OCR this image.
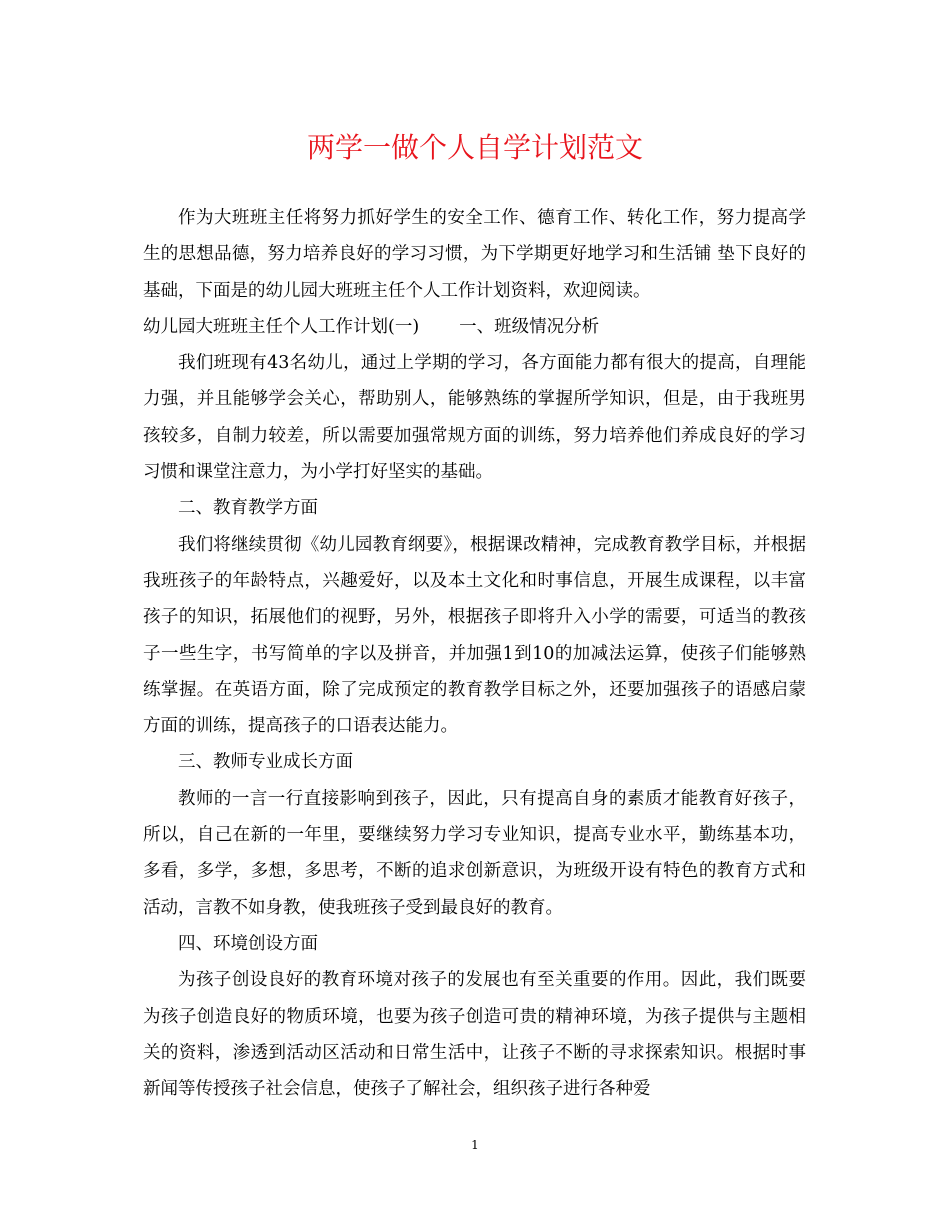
两学一做个人自学计划范文

作为大班班主任将努力抓好学生的安全工作、德育工作、转化工作，努力提高学生的思想品德，努力培养良好的学习习惯，为下学期更好地学习和生活铺 垫下良好的基础，下面是的幼儿园大班班主任个人工作计划资料，欢迎阅读。

幼儿园大班班主任个人工作计划(一) 一、班级情况分析

我们班现有43名幼儿，通过上学期的学习，各方面能力都有很大的提高，自理能力强，并且能够学会关心，帮助别人，能够熟练的掌握所学知识，但是，由于我班男孩较多，自制力较差，所以需要加强常规方面的训练，努力培养他们养成良好的学习习惯和课堂注意力，为小学打好坚实的基础。

二、教育教学方面

我们将继续贯彻《幼儿园教育纲要》，根据课改精神，完成教育教学目标，并根据我班孩子的年龄特点，兴趣爱好，以及本土文化和时事信息，开展生成课程，以丰富孩子的知识，拓展他们的视野，另外，根据孩子即将升入小学的需要，可适当的教孩子一些生字，书写简单的字以及拼音，并加强1到10的加减法运算，使孩子们能够熟练掌握。在英语方面，除了完成预定的教育教学目标之外，还要加强孩子的语感启蒙方面的训练，提高孩子的口语表达能力。

三、教师专业成长方面

教师的一言一行直接影响到孩子，因此，只有提高自身的素质才能教育好孩子，所以，自己在新的一年里，要继续努力学习专业知识，提高专业水平，勤练基本功，多看，多学，多想，多思考，不断的追求创新意识，为班级开设有特色的教育方式和活动，言教不如身教，使我班孩子受到最良好的教育。

四、环境创设方面

为孩子创设良好的教育环境对孩子的发展也有至关重要的作用。因此，我们既要为孩子创造良好的物质环境，也要为孩子创造可贵的精神环境，为孩子提供与主题相关的资料，渗透到活动区活动和日常生活中，让孩子不断的寻求探索知识。根据时事新闻等传授孩子社会信息，使孩子了解社会，组织孩子进行各种爱

1
